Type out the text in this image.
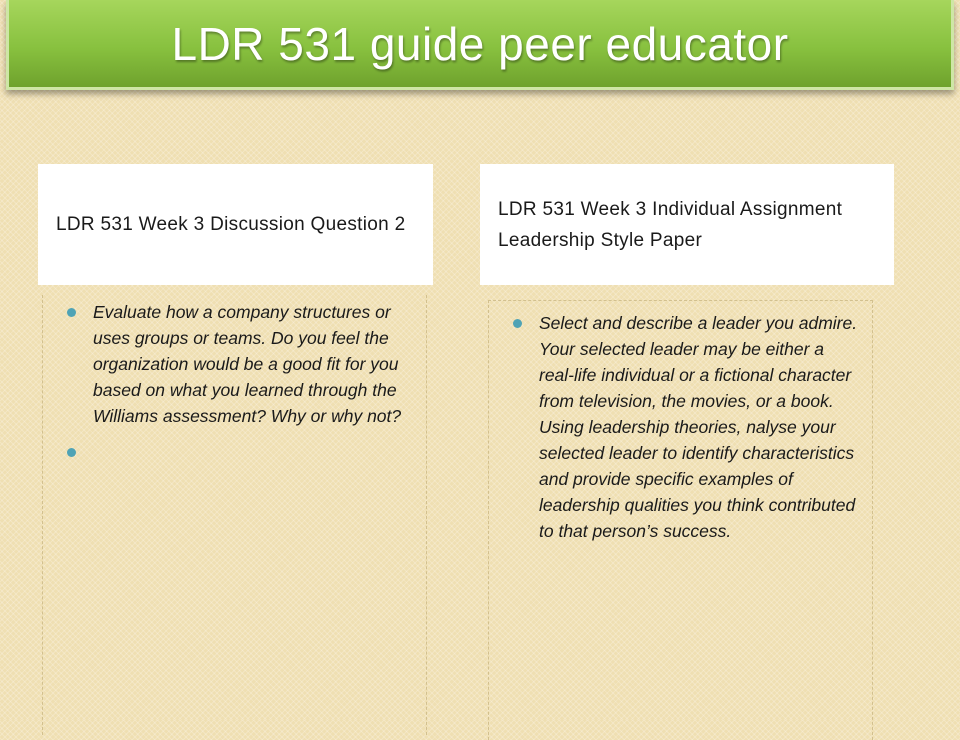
LDR 531 guide peer educator
LDR 531 Week 3 Discussion Question 2
LDR 531 Week 3 Individual Assignment Leadership Style Paper
Evaluate how a company structures or uses groups or teams. Do you feel the organization would be a good fit for you based on what you learned through the Williams assessment? Why or why not?
Select and describe a leader you admire. Your selected leader may be either a real-life individual or a fictional character from television, the movies, or a book. Using leadership theories, nalyse your selected leader to identify characteristics and provide specific examples of leadership qualities you think contributed to that person’s success.
